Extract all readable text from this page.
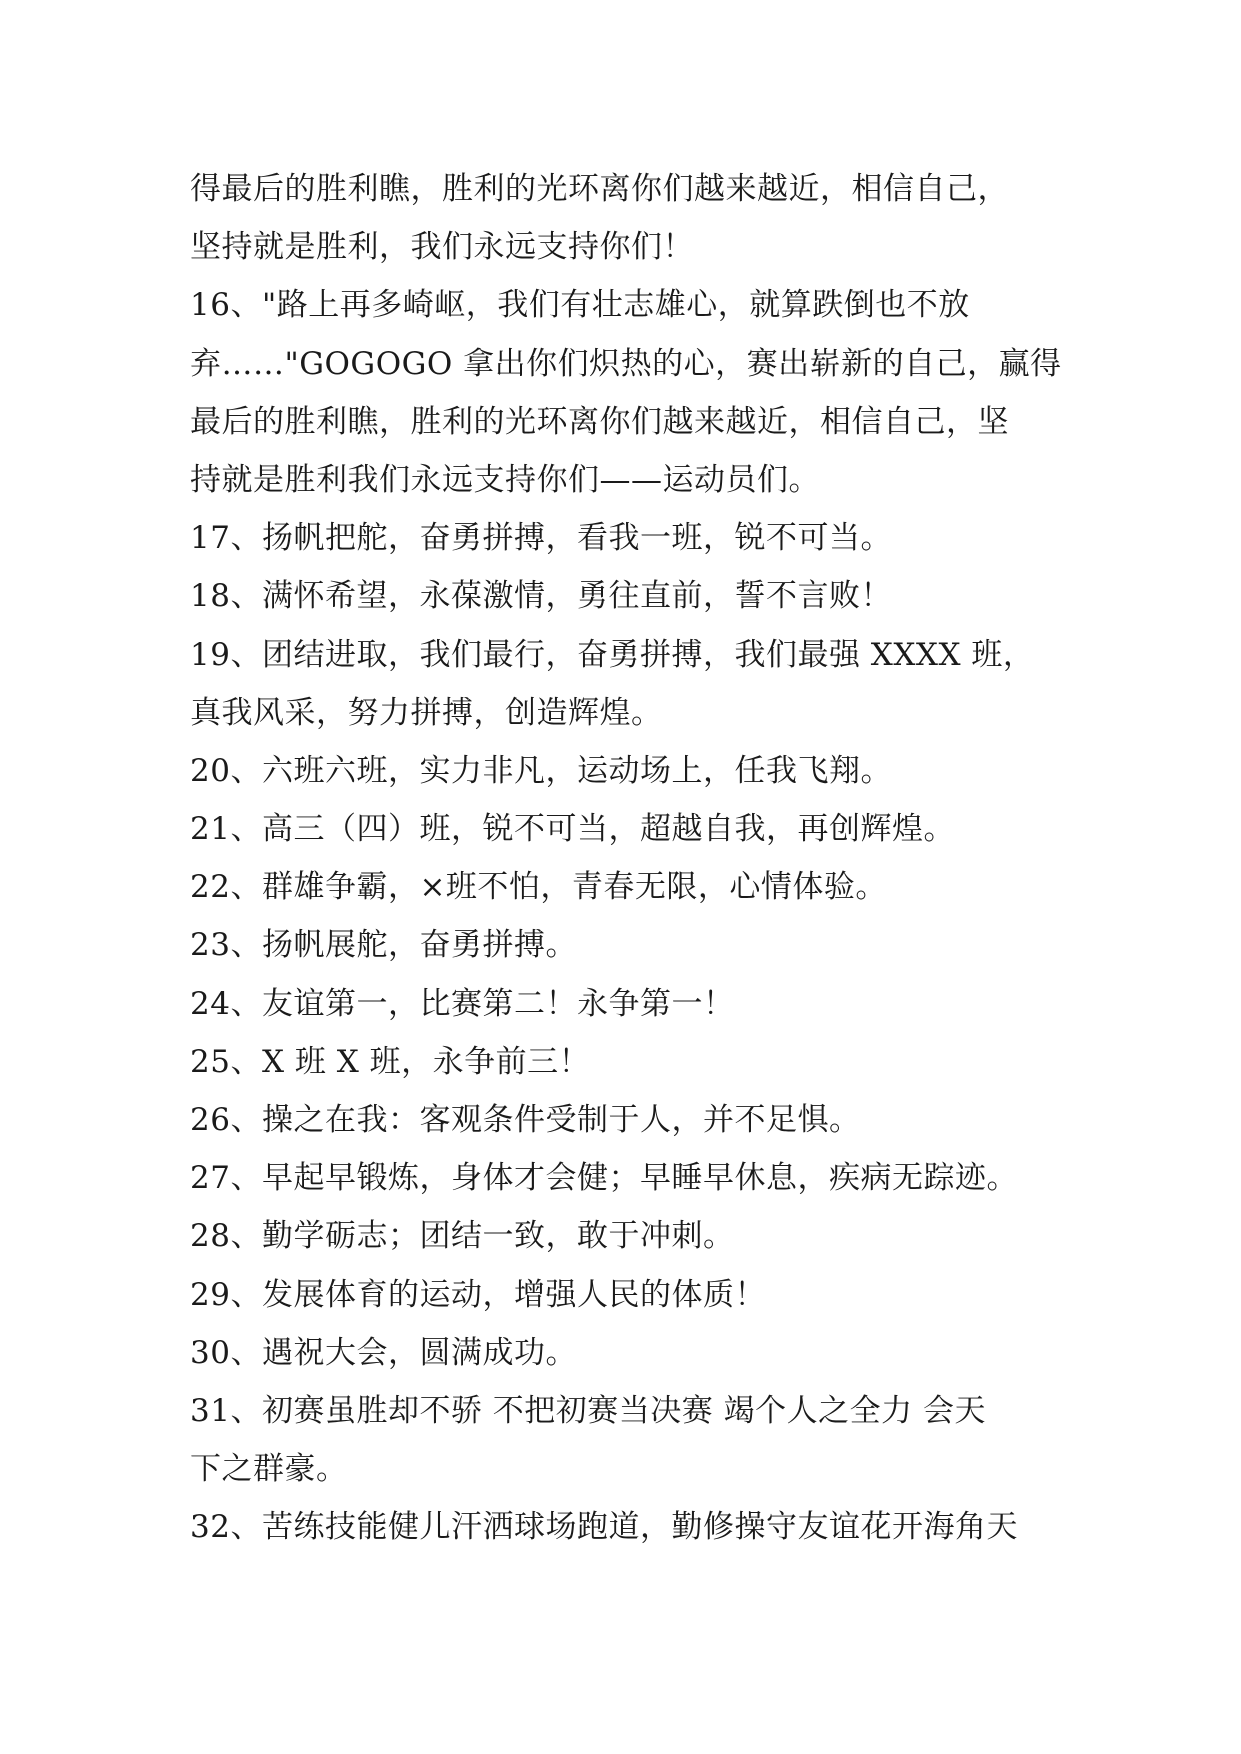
得最后的胜利瞧，胜利的光环离你们越来越近，相信自己，
坚持就是胜利，我们永远支持你们！
16、"路上再多崎岖，我们有壮志雄心，就算跌倒也不放
弃……"GOGOGO 拿出你们炽热的心，赛出崭新的自己，赢得
最后的胜利瞧，胜利的光环离你们越来越近，相信自己，坚
持就是胜利我们永远支持你们——运动员们。
17、扬帆把舵，奋勇拼搏，看我一班，锐不可当。
18、满怀希望，永葆激情，勇往直前，誓不言败！
19、团结进取，我们最行，奋勇拼搏，我们最强 XXXX 班，
真我风采，努力拼搏，创造辉煌。
20、六班六班，实力非凡，运动场上，任我飞翔。
21、高三（四）班，锐不可当，超越自我，再创辉煌。
22、群雄争霸，×班不怕，青春无限，心情体验。
23、扬帆展舵，奋勇拼搏。
24、友谊第一，比赛第二！永争第一！
25、X 班 X 班，永争前三！
26、操之在我：客观条件受制于人，并不足惧。
27、早起早锻炼，身体才会健；早睡早休息，疾病无踪迹。
28、勤学砺志；团结一致，敢于冲刺。
29、发展体育的运动，增强人民的体质！
30、遇祝大会，圆满成功。
31、初赛虽胜却不骄 不把初赛当决赛 竭个人之全力 会天
下之群豪。
32、苦练技能健儿汗洒球场跑道，勤修操守友谊花开海角天
